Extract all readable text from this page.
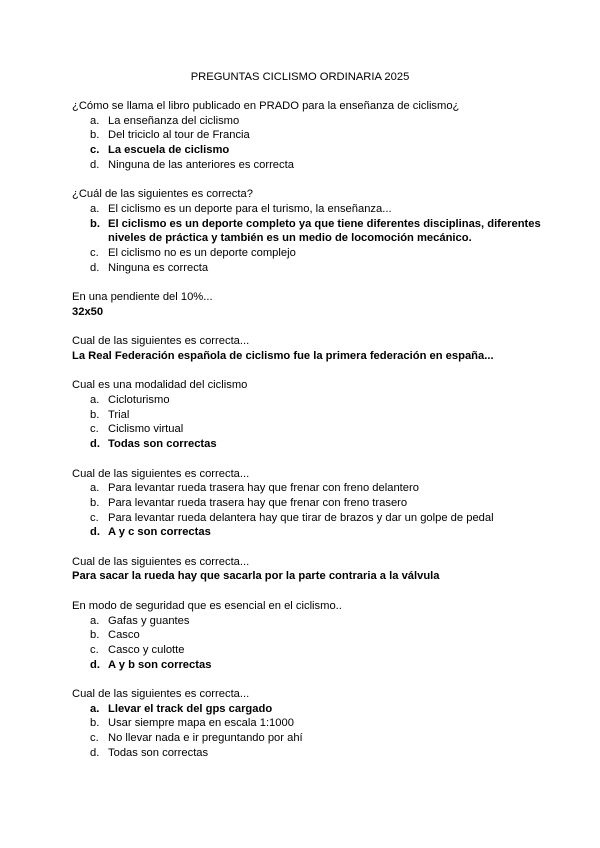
PREGUNTAS CICLISMO ORDINARIA 2025

¿Cómo se llama el libro publicado en PRADO para la enseñanza de ciclismo¿

a. La enseñanza del ciclismo
b. Del triciclo al tour de Francia
c. La escuela de ciclismo
d. Ninguna de las anteriores es correcta

¿Cuál de las siguientes es correcta?

a. El ciclismo es un deporte para el turismo, la enseñanza...
b. El ciclismo es un deporte completo ya que tiene diferentes disciplinas, diferentes niveles de práctica y también es un medio de locomoción mecánico.
c. El ciclismo no es un deporte complejo
d. Ninguna es correcta

En una pendiente del 10%...

32x50

Cual de las siguientes es correcta...

La Real Federación española de ciclismo fue la primera federación en españa...

Cual es una modalidad del ciclismo

a. Cicloturismo
b. Trial
c. Ciclismo virtual
d. Todas son correctas

Cual de las siguientes es correcta...

a. Para levantar rueda trasera hay que frenar con freno delantero
b. Para levantar rueda trasera hay que frenar con freno trasero
c. Para levantar rueda delantera hay que tirar de brazos y dar un golpe de pedal
d. A y c son correctas

Cual de las siguientes es correcta...

Para sacar la rueda hay que sacarla por la parte contraria a la válvula

En modo de seguridad que es esencial en el ciclismo..

a. Gafas y guantes
b. Casco
c. Casco y culotte
d. A y b son correctas

Cual de las siguientes es correcta...

a. Llevar el track del gps cargado
b. Usar siempre mapa en escala 1:1000
c. No llevar nada e ir preguntando por ahí
d. Todas son correctas
